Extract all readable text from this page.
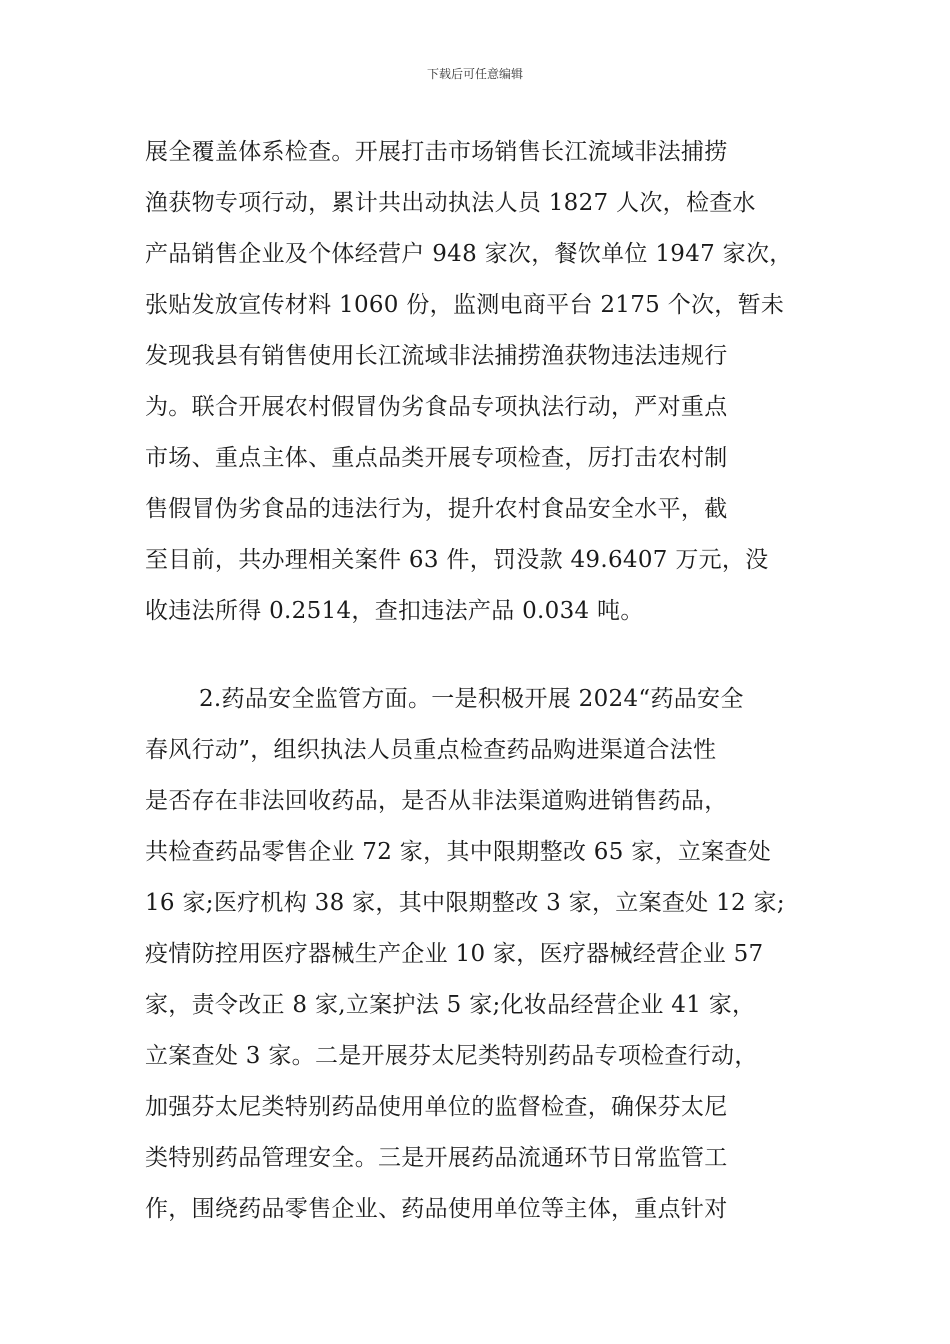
下载后可任意编辑
展全覆盖体系检查。开展打击市场销售长江流域非法捕捞
渔获物专项行动，累计共出动执法人员 1827 人次，检查水
产品销售企业及个体经营户 948 家次，餐饮单位 1947 家次，
张贴发放宣传材料 1060 份，监测电商平台 2175 个次，暂未
发现我县有销售使用长江流域非法捕捞渔获物违法违规行
为。联合开展农村假冒伪劣食品专项执法行动，严对重点
市场、重点主体、重点品类开展专项检查，厉打击农村制
售假冒伪劣食品的违法行为，提升农村食品安全水平，截
至目前，共办理相关案件 63 件，罚没款 49.6407 万元，没
收违法所得 0.2514，查扣违法产品 0.034 吨。
2.药品安全监管方面。一是积极开展 2024“药品安全
春风行动”，组织执法人员重点检查药品购进渠道合法性
是否存在非法回收药品，是否从非法渠道购进销售药品，
共检查药品零售企业 72 家，其中限期整改 65 家，立案查处
16 家;医疗机构 38 家，其中限期整改 3 家，立案查处 12 家;
疫情防控用医疗器械生产企业 10 家，医疗器械经营企业 57
家，责令改正 8 家,立案护法 5 家;化妆品经营企业 41 家，
立案查处 3 家。二是开展芬太尼类特别药品专项检查行动，
加强芬太尼类特别药品使用单位的监督检查，确保芬太尼
类特别药品管理安全。三是开展药品流通环节日常监管工
作，围绕药品零售企业、药品使用单位等主体，重点针对
